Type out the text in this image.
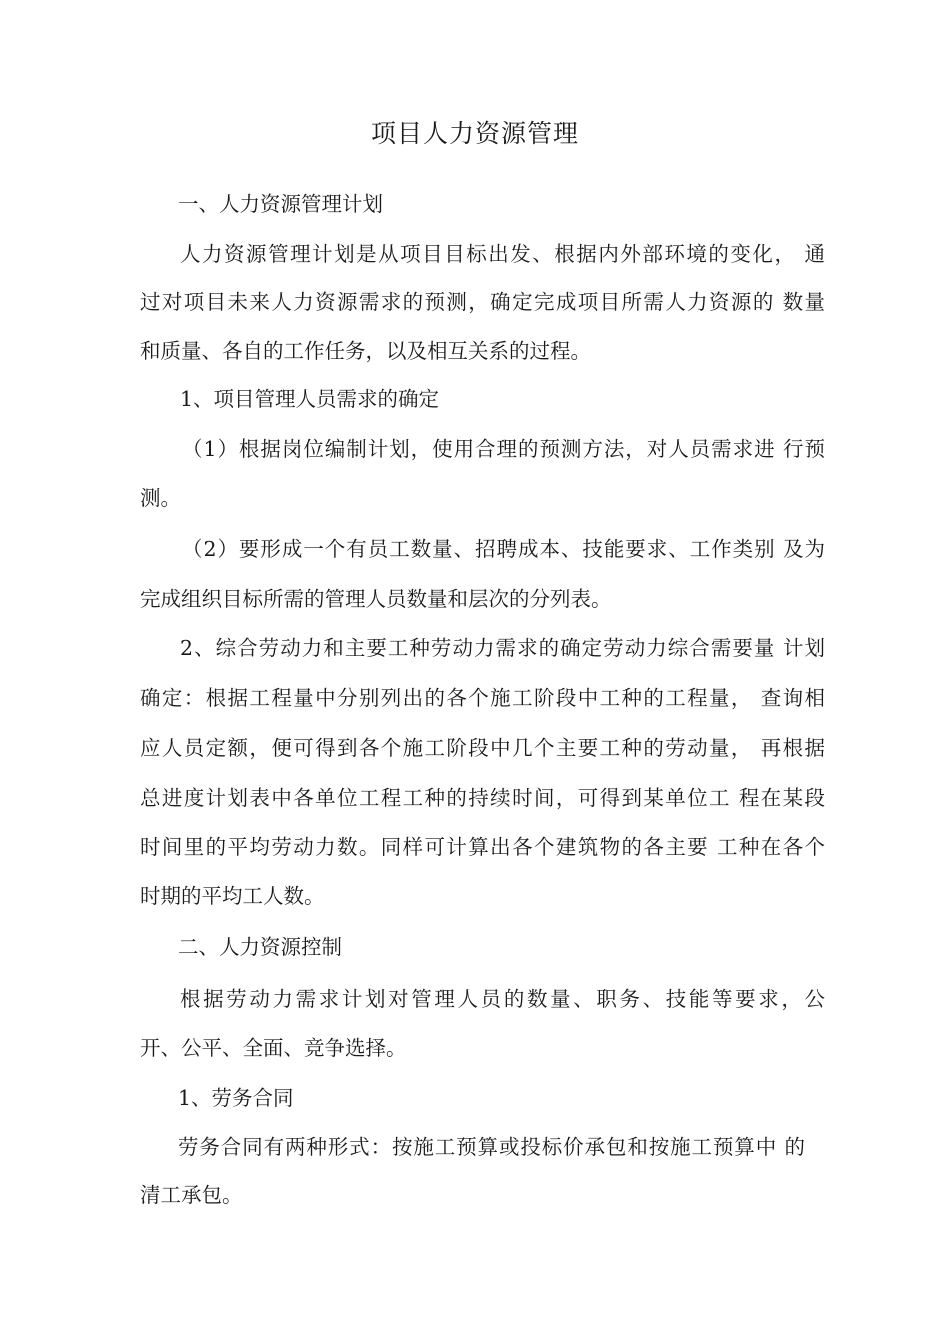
项目人力资源管理
一、人力资源管理计划
人力资源管理计划是从项目目标出发、根据内外部环境的变化， 通
过对项目未来人力资源需求的预测，确定完成项目所需人力资源的 数量
和质量、各自的工作任务，以及相互关系的过程。
1、项目管理人员需求的确定
（1）根据岗位编制计划，使用合理的预测方法，对人员需求进 行预
测。
（2）要形成一个有员工数量、招聘成本、技能要求、工作类别 及为
完成组织目标所需的管理人员数量和层次的分列表。
2、综合劳动力和主要工种劳动力需求的确定劳动力综合需要量 计划
确定：根据工程量中分别列出的各个施工阶段中工种的工程量， 查询相
应人员定额，便可得到各个施工阶段中几个主要工种的劳动量， 再根据
总进度计划表中各单位工程工种的持续时间，可得到某单位工 程在某段
时间里的平均劳动力数。同样可计算出各个建筑物的各主要 工种在各个
时期的平均工人数。
二、人力资源控制
根据劳动力需求计划对管理人员的数量、职务、技能等要求，公
开、公平、全面、竞争选择。
1、劳务合同
劳务合同有两种形式：按施工预算或投标价承包和按施工预算中 的
清工承包。
